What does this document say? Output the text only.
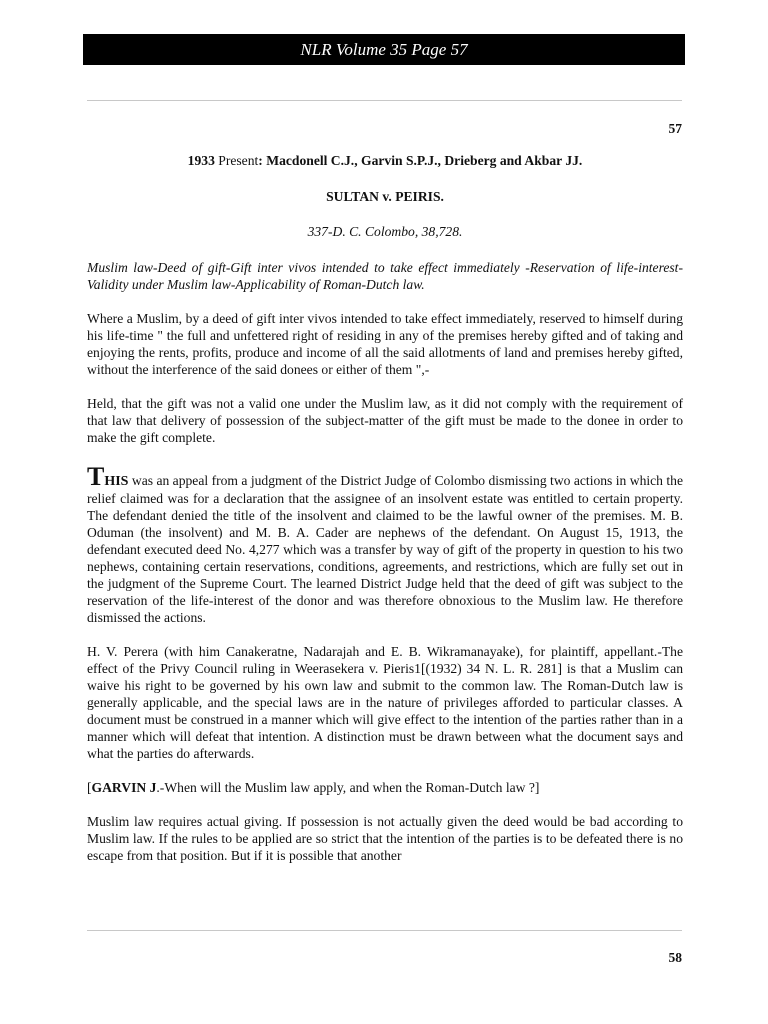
NLR Volume 35 Page 57
57

1933 Present: Macdonell C.J., Garvin S.P.J., Drieberg and Akbar JJ.

SULTAN v. PEIRIS.

337-D. C. Colombo, 38,728.

Muslim law-Deed of gift-Gift inter vivos intended to take effect immediately -Reservation of life-interest-Validity under Muslim law-Applicability of Roman-Dutch law.

Where a Muslim, by a deed of gift inter vivos intended to take effect immediately, reserved to himself during his life-time " the full and unfettered right of residing in any of the premises hereby gifted and of taking and enjoying the rents, profits, produce and income of all the said allotments of land and premises hereby gifted, without the interference of the said donees or either of them ",-

Held, that the gift was not a valid one under the Muslim law, as it did not comply with the requirement of that law that delivery of possession of the subject-matter of the gift must be made to the donee in order to make the gift complete.

THIS was an appeal from a judgment of the District Judge of Colombo dismissing two actions in which the relief claimed was for a declaration that the assignee of an insolvent estate was entitled to certain property. The defendant denied the title of the insolvent and claimed to be the lawful owner of the premises. M. B. Oduman (the insolvent) and M. B. A. Cader are nephews of the defendant. On August 15, 1913, the defendant executed deed No. 4,277 which was a transfer by way of gift of the property in question to his two nephews, containing certain reservations, conditions, agreements, and restrictions, which are fully set out in the judgment of the Supreme Court. The learned District Judge held that the deed of gift was subject to the reservation of the life-interest of the donor and was therefore obnoxious to the Muslim law. He therefore dismissed the actions.

H. V. Perera (with him Canakeratne, Nadarajah and E. B. Wikramanayake), for plaintiff, appellant.-The effect of the Privy Council ruling in Weerasekera v. Pieris1[(1932) 34 N. L. R. 281] is that a Muslim can waive his right to be governed by his own law and submit to the common law. The Roman-Dutch law is generally applicable, and the special laws are in the nature of privileges afforded to particular classes. A document must be construed in a manner which will give effect to the intention of the parties rather than in a manner which will defeat that intention. A distinction must be drawn between what the document says and what the parties do afterwards.

[GARVIN J.-When will the Muslim law apply, and when the Roman-Dutch law ?]

Muslim law requires actual giving. If possession is not actually given the deed would be bad according to Muslim law. If the rules to be applied are so strict that the intention of the parties is to be defeated there is no escape from that position. But if it is possible that another

58
